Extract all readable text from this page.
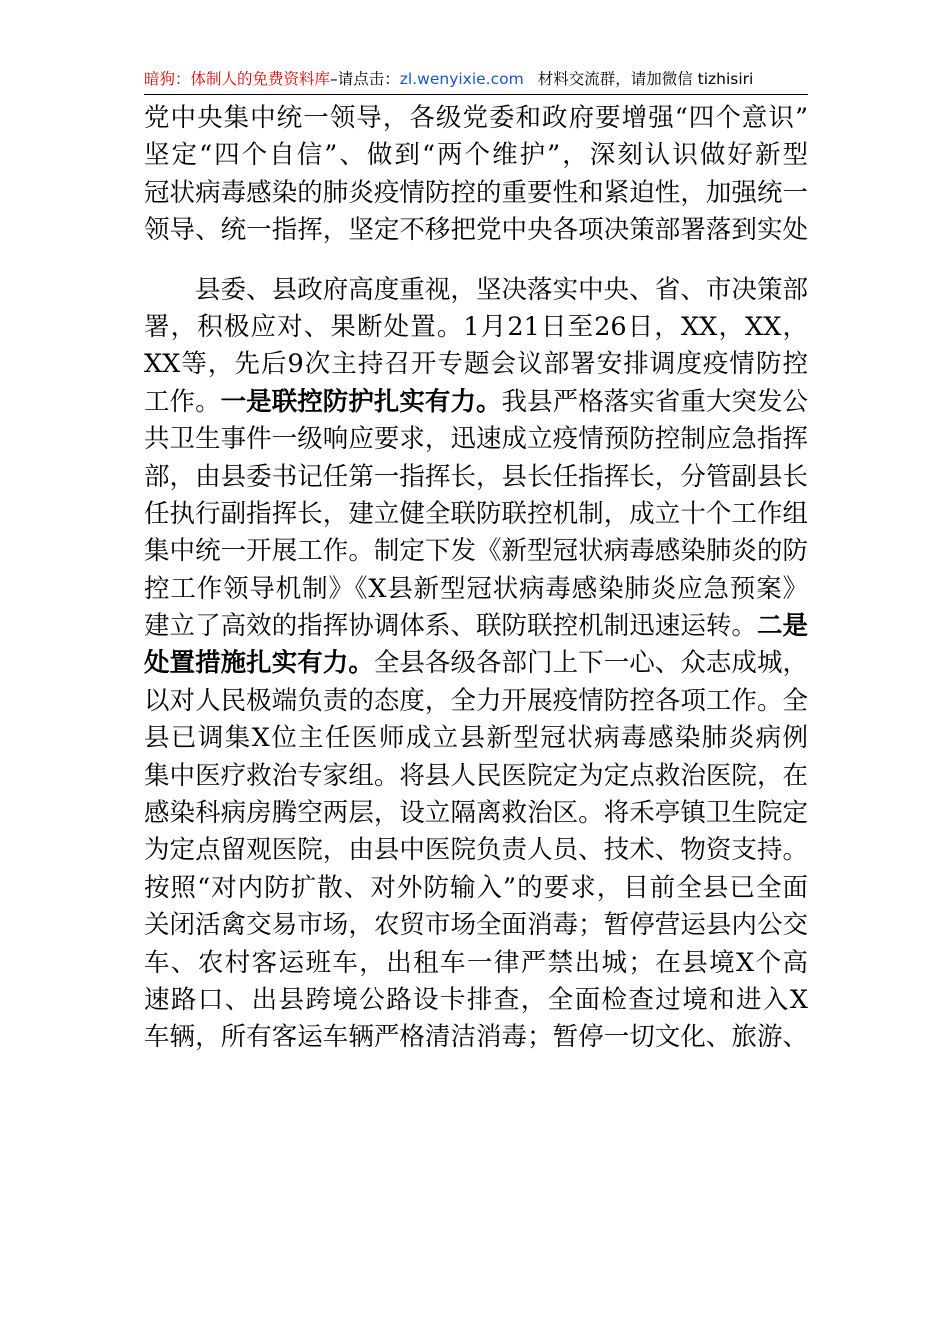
暗狗：体制人的免费资料库–请点击：zl.wenyixie.com 材料交流群，请加微信 tizhisiri
党中央集中统一领导，各级党委和政府要增强“四个意识”
坚定“四个自信”、做到“两个维护”，深刻认识做好新型
冠状病毒感染的肺炎疫情防控的重要性和紧迫性，加强统一
领导、统一指挥，坚定不移把党中央各项决策部署落到实处
县委、县政府高度重视，坚决落实中央、省、市决策部
署，积极应对、果断处置。1月21日至26日，XX，XX，
XX等，先后9次主持召开专题会议部署安排调度疫情防控
工作。一是联控防护扎实有力。我县严格落实省重大突发公
共卫生事件一级响应要求，迅速成立疫情预防控制应急指挥
部，由县委书记任第一指挥长，县长任指挥长，分管副县长
任执行副指挥长，建立健全联防联控机制，成立十个工作组
集中统一开展工作。制定下发《新型冠状病毒感染肺炎的防
控工作领导机制》《X县新型冠状病毒感染肺炎应急预案》
建立了高效的指挥协调体系、联防联控机制迅速运转。二是
处置措施扎实有力。全县各级各部门上下一心、众志成城，
以对人民极端负责的态度，全力开展疫情防控各项工作。全
县已调集X位主任医师成立县新型冠状病毒感染肺炎病例
集中医疗救治专家组。将县人民医院定为定点救治医院，在
感染科病房腾空两层，设立隔离救治区。将禾亭镇卫生院定
为定点留观医院，由县中医院负责人员、技术、物资支持。
按照“对内防扩散、对外防输入”的要求，目前全县已全面
关闭活禽交易市场，农贸市场全面消毒；暂停营运县内公交
车、农村客运班车，出租车一律严禁出城；在县境X个高
速路口、出县跨境公路设卡排查，全面检查过境和进入X
车辆，所有客运车辆严格清洁消毒；暂停一切文化、旅游、
